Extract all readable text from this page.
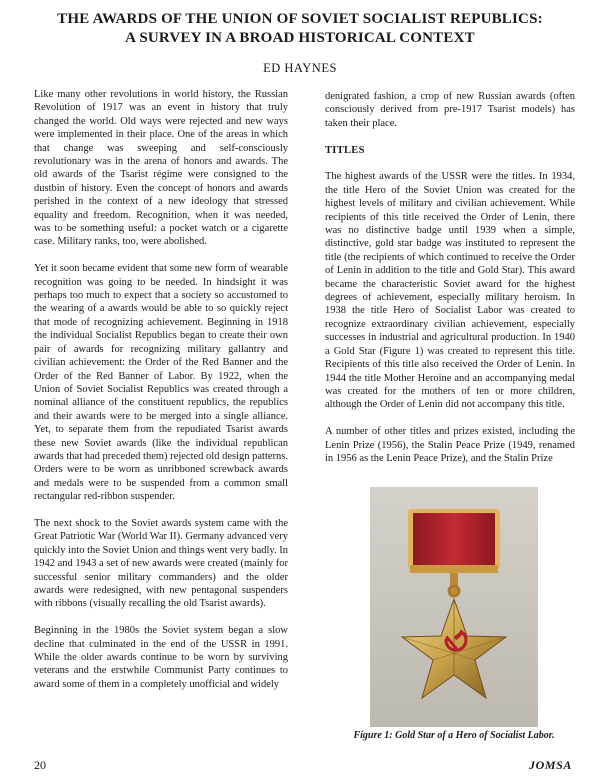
THE AWARDS OF THE UNION OF SOVIET SOCIALIST REPUBLICS:
A SURVEY IN A BROAD HISTORICAL CONTEXT
ED HAYNES

Like many other revolutions in world history, the Russian Revolution of 1917 was an event in history that truly changed the world. Old ways were rejected and new ways were implemented in their place. One of the areas in which that change was sweeping and self-consciously revolutionary was in the arena of honors and awards. The old awards of the Tsarist régime were consigned to the dustbin of history. Even the concept of honors and awards perished in the context of a new ideology that stressed equality and freedom. Recognition, when it was needed, was to be something useful: a pocket watch or a cigarette case. Military ranks, too, were abolished.

Yet it soon became evident that some new form of wearable recognition was going to be needed. In hindsight it was perhaps too much to expect that a society so accustomed to the wearing of a awards would be able to so quickly reject that mode of recognizing achievement. Beginning in 1918 the individual Socialist Republics began to create their own pair of awards for recognizing military gallantry and civilian achievement: the Order of the Red Banner and the Order of the Red Banner of Labor. By 1922, when the Union of Soviet Socialist Republics was created through a nominal alliance of the constituent republics, the republics and their awards were to be merged into a single alliance. Yet, to separate them from the repudiated Tsarist awards these new Soviet awards (like the individual republican awards that had preceded them) rejected old design patterns. Orders were to be worn as unribboned screwback awards and medals were to be suspended from a common small rectangular red-ribbon suspender.

The next shock to the Soviet awards system came with the Great Patriotic War (World War II). Germany advanced very quickly into the Soviet Union and things went very badly. In 1942 and 1943 a set of new awards were created (mainly for successful senior military commanders) and the older awards were redesigned, with new pentagonal suspenders with ribbons (visually recalling the old Tsarist awards).

Beginning in the 1980s the Soviet system began a slow decline that culminated in the end of the USSR in 1991. While the older awards continue to be worn by surviving veterans and the erstwhile Communist Party continues to award some of them in a completely unofficial and widely

denigrated fashion, a crop of new Russian awards (often consciously derived from pre-1917 Tsarist models) has taken their place.

TITLES

The highest awards of the USSR were the titles. In 1934, the title Hero of the Soviet Union was created for the highest levels of military and civilian achievement. While recipients of this title received the Order of Lenin, there was no distinctive badge until 1939 when a simple, distinctive, gold star badge was instituted to represent the title (the recipients of which continued to receive the Order of Lenin in addition to the title and Gold Star). This award became the characteristic Soviet award for the highest degrees of achievement, especially military heroism. In 1938 the title Hero of Socialist Labor was created to recognize extraordinary civilian achievement, especially successes in industrial and agricultural production. In 1940 a Gold Star (Figure 1) was created to represent this title. Recipients of this title also received the Order of Lenin. In 1944 the title Mother Heroine and an accompanying medal was created for the mothers of ten or more children, although the Order of Lenin did not accompany this title.

A number of other titles and prizes existed, including the Lenin Prize (1956), the Stalin Peace Prize (1949, renamed in 1956 as the Lenin Peace Prize), and the Stalin Prize

Figure 1: Gold Star of a Hero of Socialist Labor.
20	JOMSA
